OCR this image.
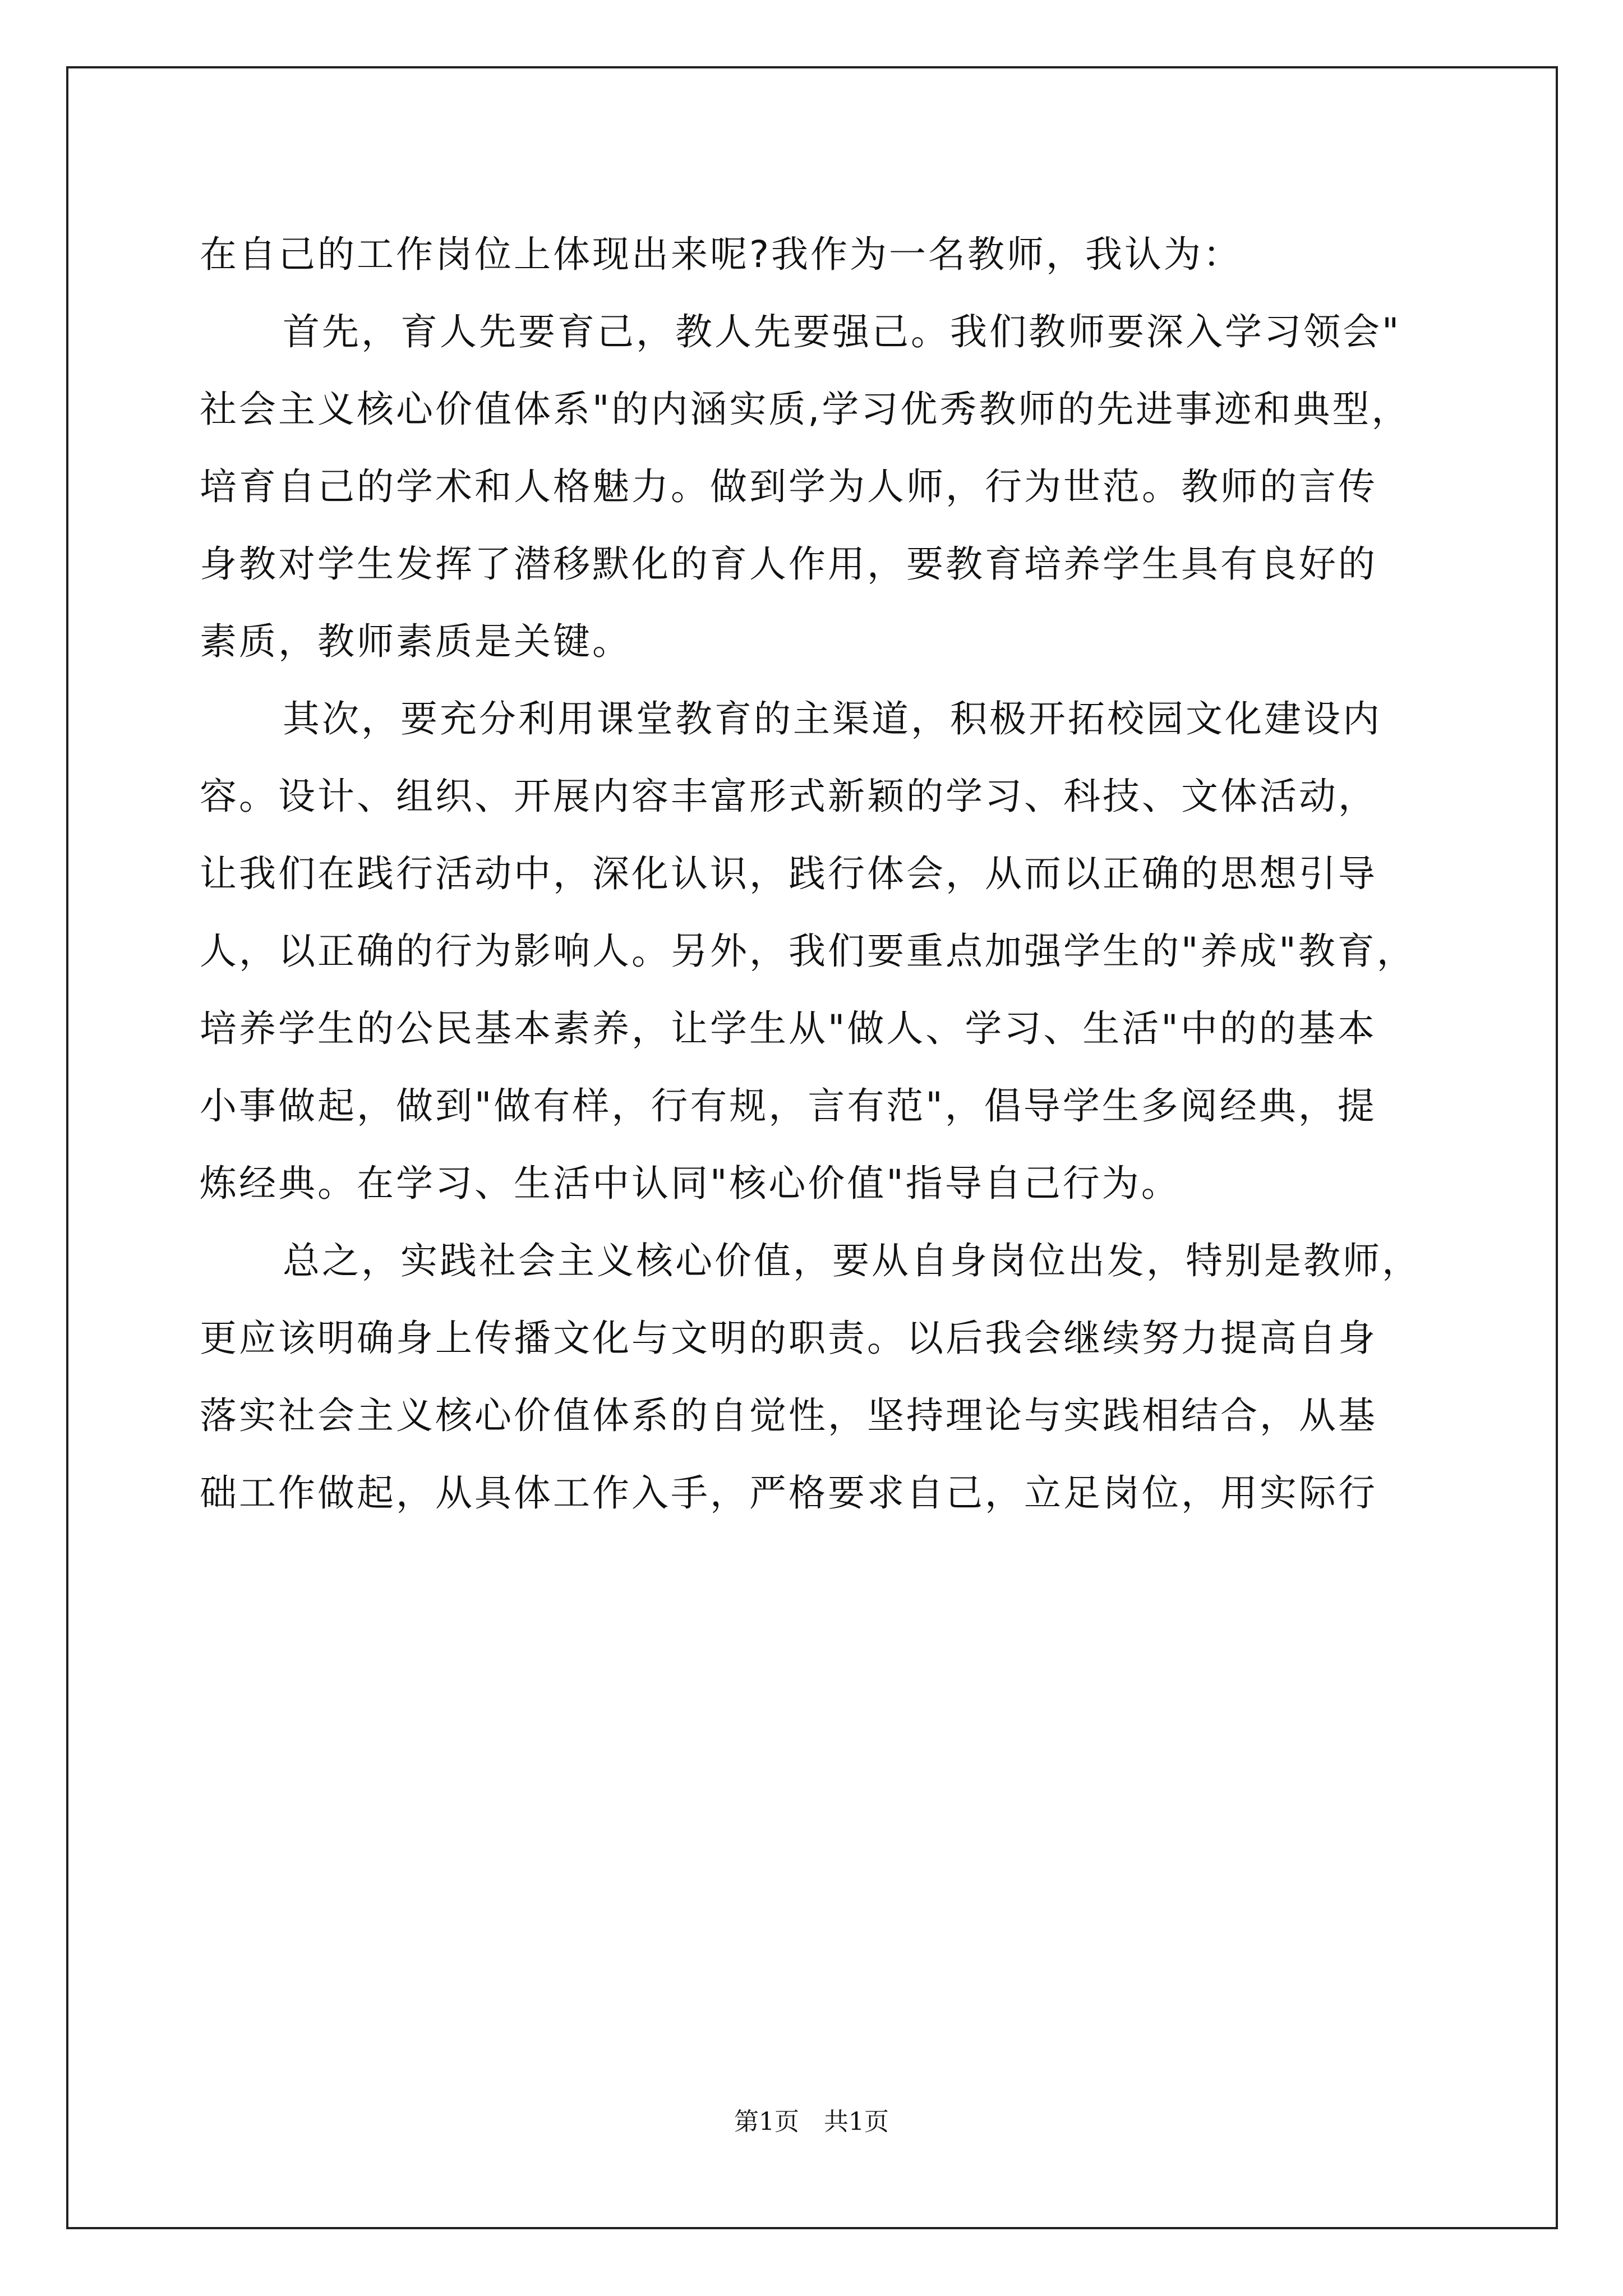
在自己的工作岗位上体现出来呢?我作为一名教师，我认为：
首先，育人先要育己，教人先要强己。我们教师要深入学习领会"
社会主义核心价值体系"的内涵实质,学习优秀教师的先进事迹和典型，
培育自己的学术和人格魅力。做到学为人师，行为世范。教师的言传
身教对学生发挥了潜移默化的育人作用，要教育培养学生具有良好的
素质，教师素质是关键。
其次，要充分利用课堂教育的主渠道，积极开拓校园文化建设内
容。设计、组织、开展内容丰富形式新颖的学习、科技、文体活动，
让我们在践行活动中，深化认识，践行体会，从而以正确的思想引导
人，以正确的行为影响人。另外，我们要重点加强学生的"养成"教育，
培养学生的公民基本素养，让学生从"做人、学习、生活"中的的基本
小事做起，做到"做有样，行有规，言有范"，倡导学生多阅经典，提
炼经典。在学习、生活中认同"核心价值"指导自己行为。
总之，实践社会主义核心价值，要从自身岗位出发，特别是教师，
更应该明确身上传播文化与文明的职责。以后我会继续努力提高自身
落实社会主义核心价值体系的自觉性，坚持理论与实践相结合，从基
础工作做起，从具体工作入手，严格要求自己，立足岗位，用实际行
第1页　共1页
